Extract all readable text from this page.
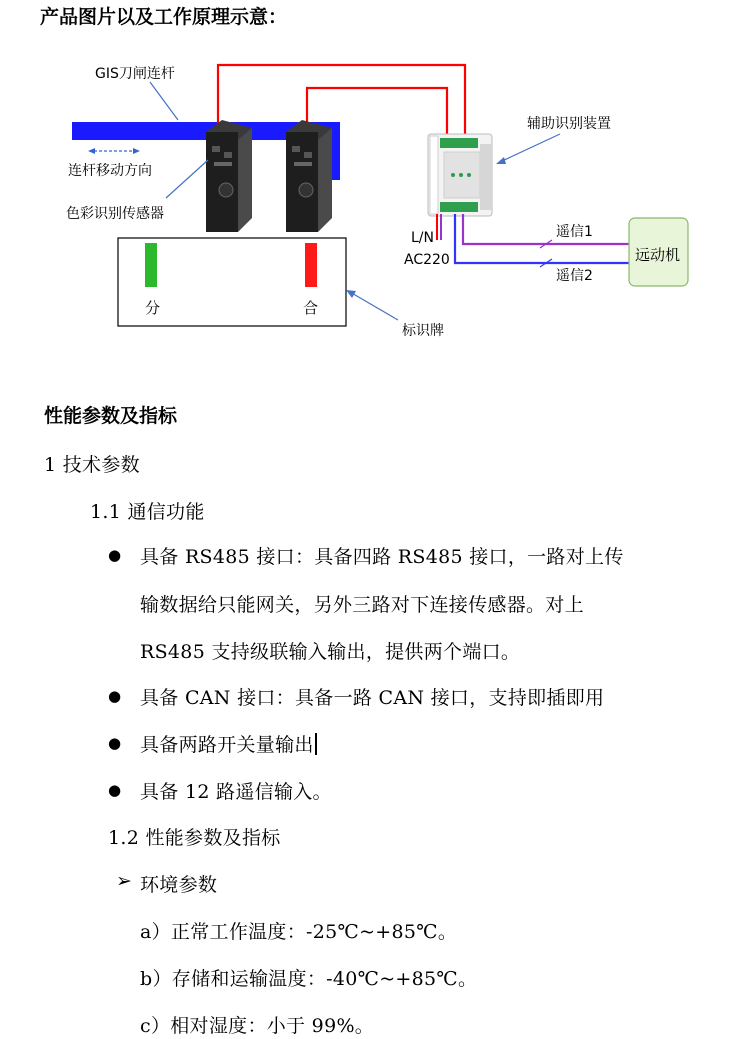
产品图片以及工作原理示意：
GIS刀闸连杆
连杆移动方向
色彩识别传感器
分	合
标识牌
辅助识别装置
L/N
AC220
遥信1
遥信2
远动机
性能参数及指标
1 技术参数
1.1 通信功能
● 具备 RS485 接口：具备四路 RS485 接口，一路对上传
输数据给只能网关，另外三路对下连接传感器。对上
RS485 支持级联输入输出，提供两个端口。
● 具备 CAN 接口：具备一路 CAN 接口，支持即插即用
● 具备两路开关量输出
● 具备 12 路遥信输入。
1.2 性能参数及指标
➢ 环境参数
a）正常工作温度：-25℃~+85℃。
b）存储和运输温度：-40℃~+85℃。
c）相对湿度：小于 99%。
